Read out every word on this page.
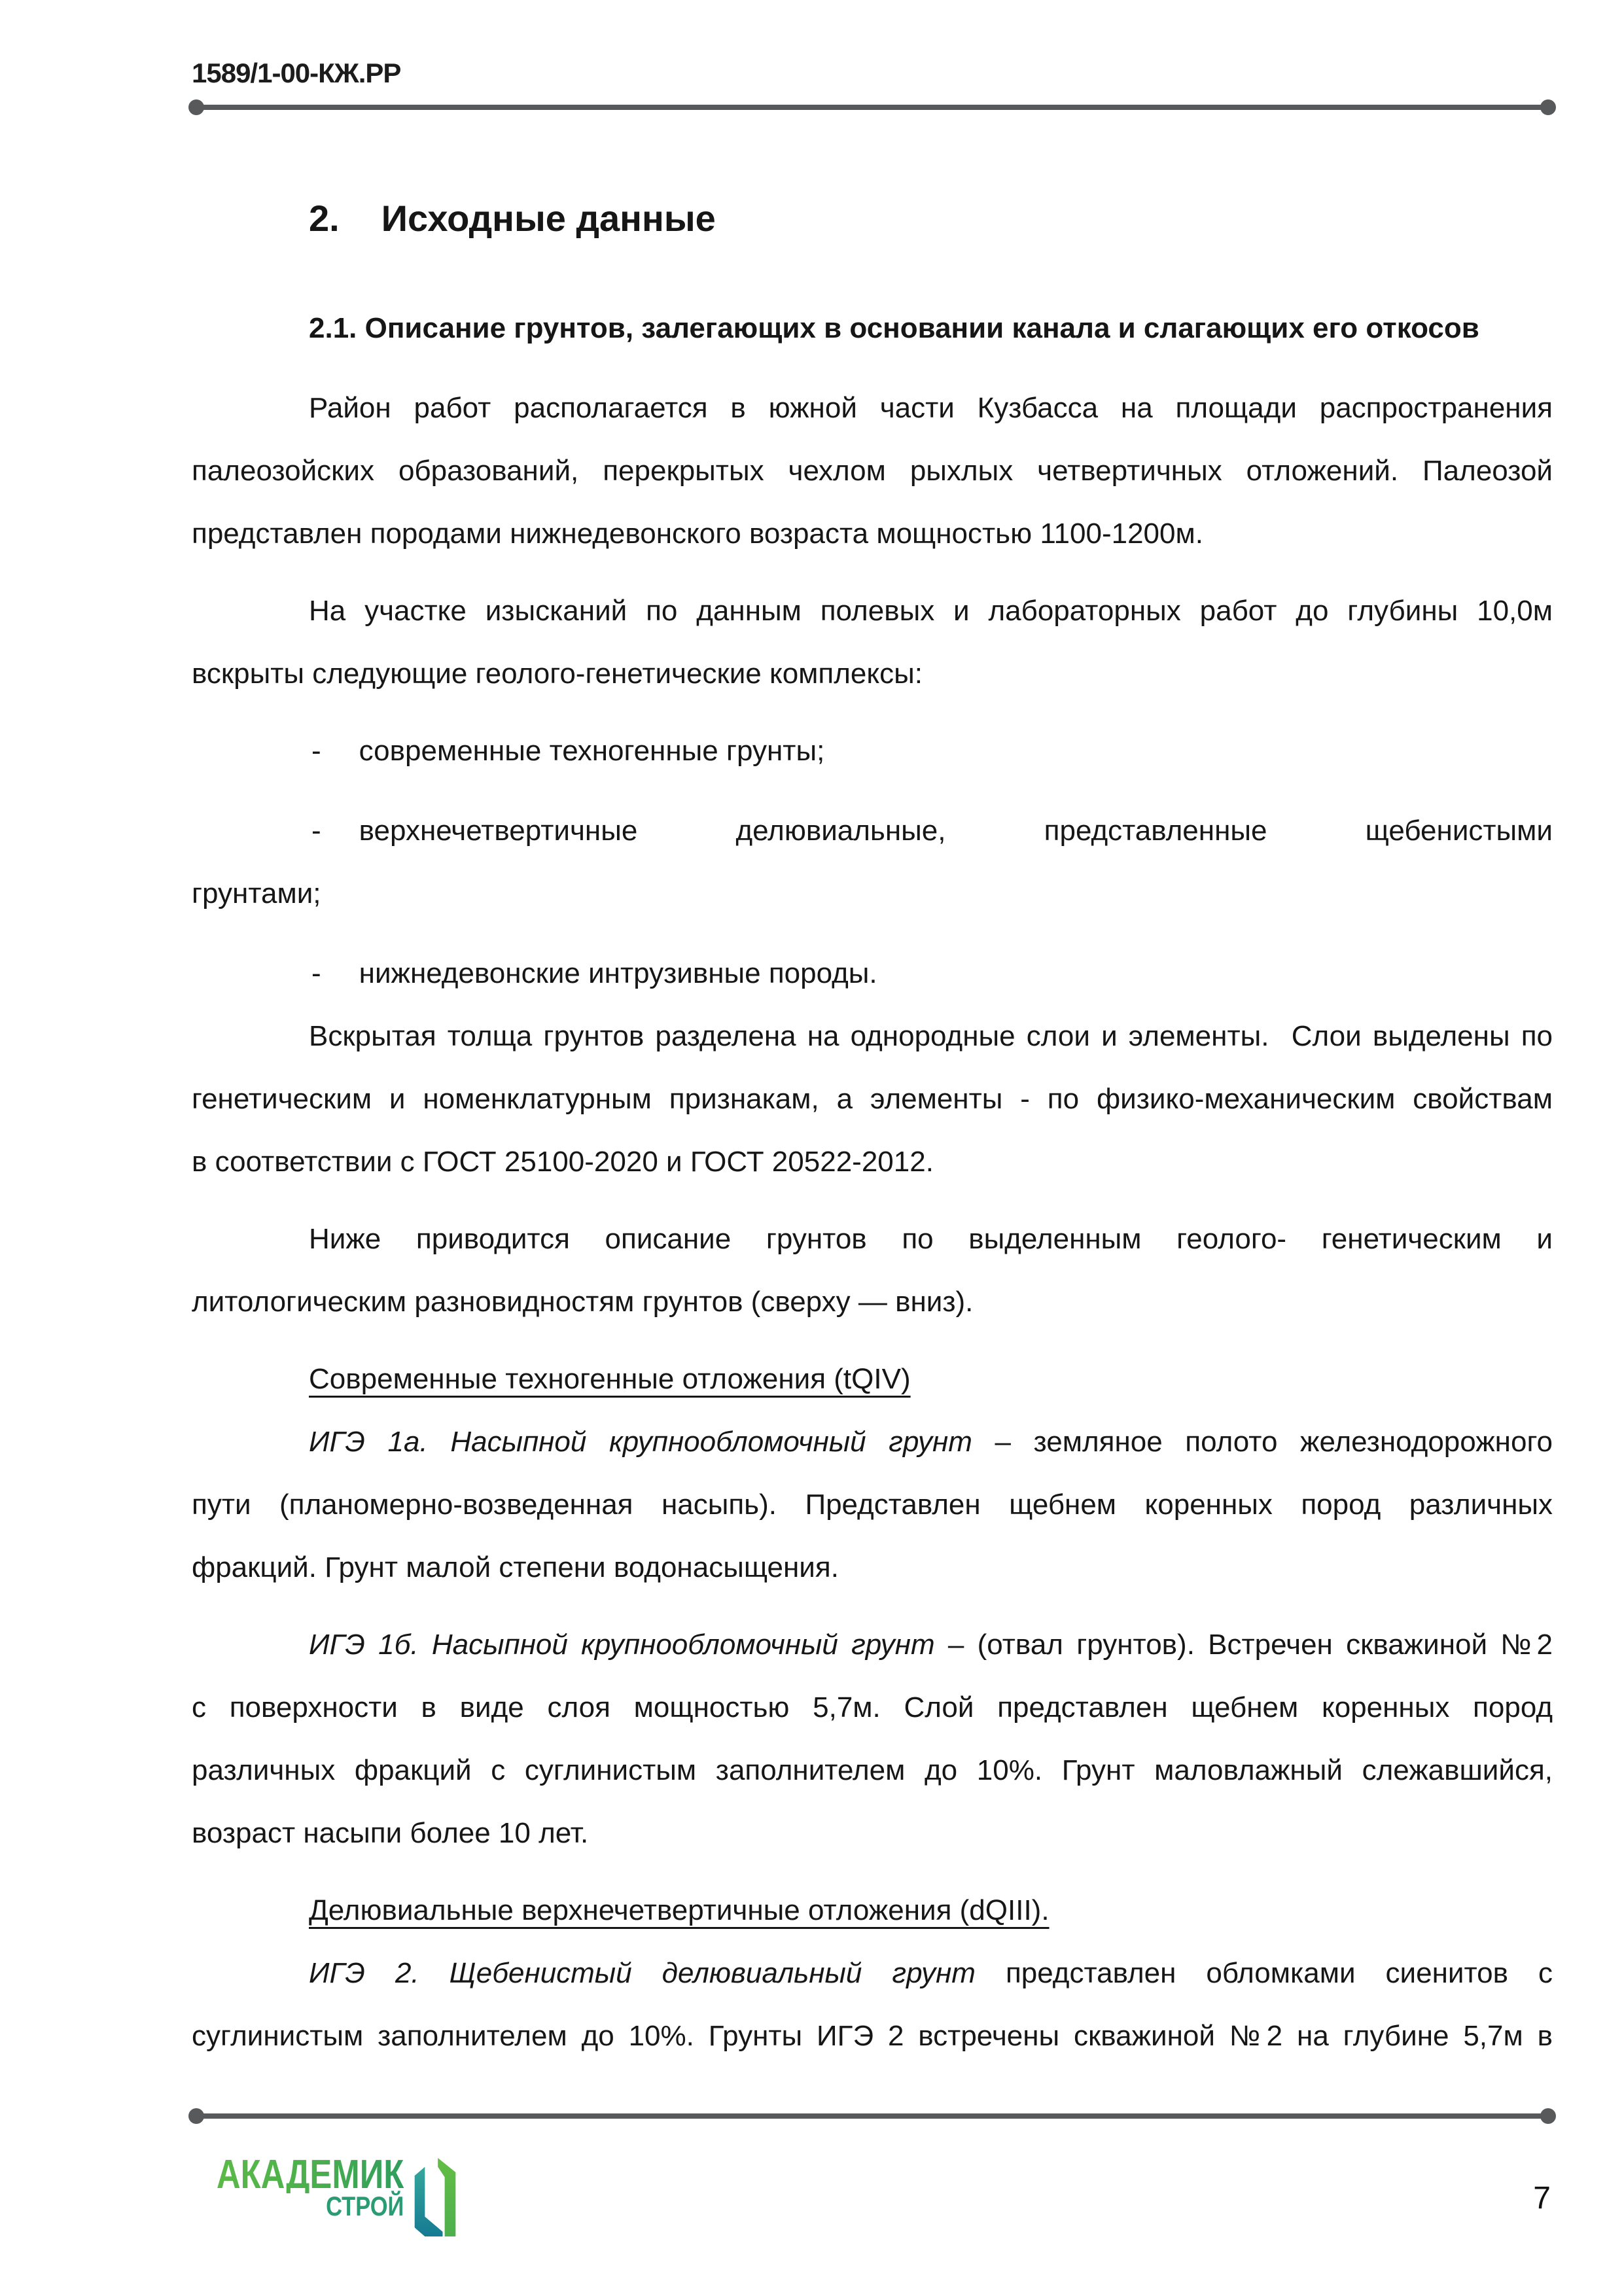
1589/1-00-КЖ.РР
2. Исходные данные
2.1. Описание грунтов, залегающих в основании канала и слагающих его откосов
Район работ располагается в южной части Кузбасса на площади распространения
палеозойских образований, перекрытых чехлом рыхлых четвертичных отложений. Палеозой
представлен породами нижнедевонского возраста мощностью 1100-1200м.
На участке изысканий по данным полевых и лабораторных работ до глубины 10,0м
вскрыты следующие геолого-генетические комплексы:
- современные техногенные грунты;
- верхнечетвертичные делювиальные, представленные щебенистыми
грунтами;
- нижнедевонские интрузивные породы.
Вскрытая толща грунтов разделена на однородные слои и элементы.  Слои выделены по
генетическим и номенклатурным признакам, а элементы - по физико-механическим свойствам
в соответствии с ГОСТ 25100-2020 и ГОСТ 20522-2012.
Ниже приводится описание грунтов по выделенным геолого- генетическим и
литологическим разновидностям грунтов (сверху — вниз).
Современные техногенные отложения (tQIV)
ИГЭ 1а. Насыпной крупнообломочный грунт – земляное полото железнодорожного
пути (планомерно-возведенная насыпь). Представлен щебнем коренных пород различных
фракций. Грунт малой степени водонасыщения.
ИГЭ 1б. Насыпной крупнообломочный грунт – (отвал грунтов). Встречен скважиной №2
с поверхности в виде слоя мощностью 5,7м. Слой представлен щебнем коренных пород
различных фракций с суглинистым заполнителем до 10%. Грунт маловлажный слежавшийся,
возраст насыпи более 10 лет.
Делювиальные верхнечетвертичные отложения (dQIII).
ИГЭ 2. Щебенистый делювиальный грунт представлен обломками сиенитов с
суглинистым заполнителем до 10%. Грунты ИГЭ 2 встречены скважиной №2 на глубине 5,7м в
АКАДЕМИК
СТРОЙ	7
